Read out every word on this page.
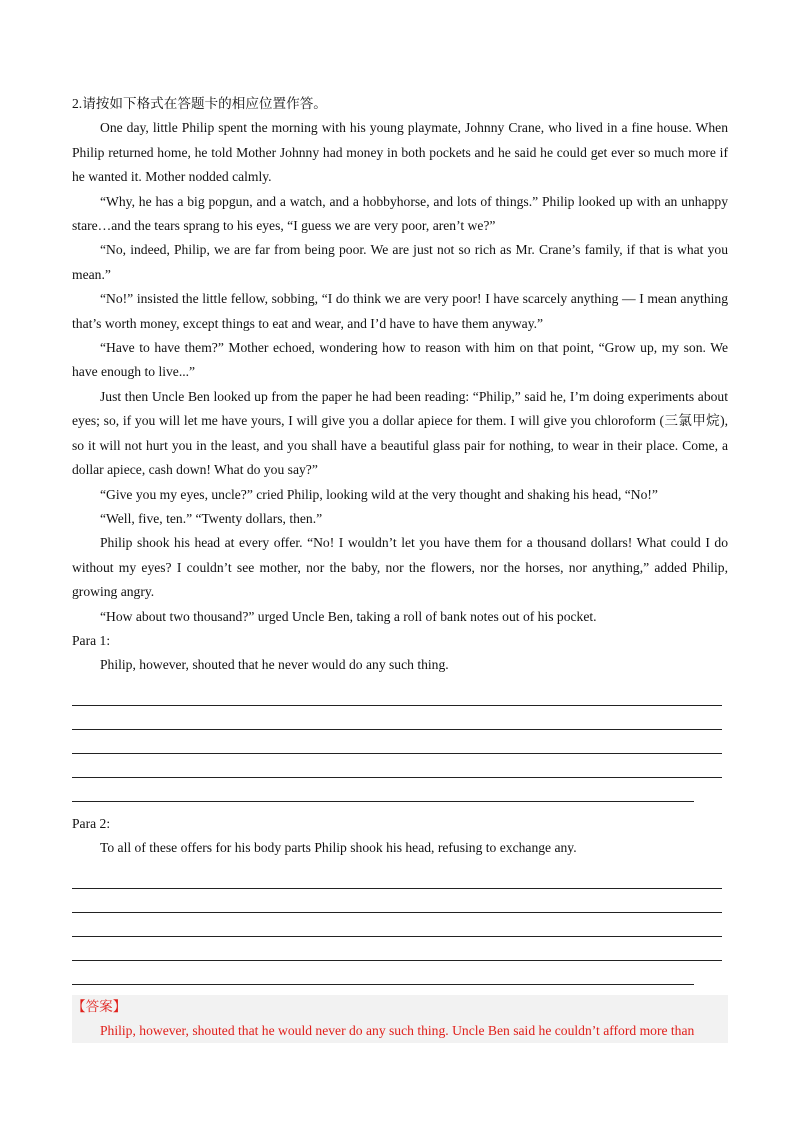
2.请按如下格式在答题卡的相应位置作答。

One day, little Philip spent the morning with his young playmate, Johnny Crane, who lived in a fine house. When Philip returned home, he told Mother Johnny had money in both pockets and he said he could get ever so much more if he wanted it. Mother nodded calmly.

“Why, he has a big popgun, and a watch, and a hobbyhorse, and lots of things.” Philip looked up with an unhappy stare…and the tears sprang to his eyes, “I guess we are very poor, aren’t we?”

“No, indeed, Philip, we are far from being poor. We are just not so rich as Mr. Crane’s family, if that is what you mean.”

“No!” insisted the little fellow, sobbing, “I do think we are very poor! I have scarcely anything — I mean anything that’s worth money, except things to eat and wear, and I’d have to have them anyway.”

“Have to have them?” Mother echoed, wondering how to reason with him on that point, “Grow up, my son. We have enough to live...”

Just then Uncle Ben looked up from the paper he had been reading: “Philip,” said he, I’m doing experiments about eyes; so, if you will let me have yours, I will give you a dollar apiece for them. I will give you chloroform (三氯甲烷), so it will not hurt you in the least, and you shall have a beautiful glass pair for nothing, to wear in their place. Come, a dollar apiece, cash down! What do you say?”

“Give you my eyes, uncle?” cried Philip, looking wild at the very thought and shaking his head, “No!”

“Well, five, ten.” “Twenty dollars, then.”

Philip shook his head at every offer. “No! I wouldn’t let you have them for a thousand dollars! What could I do without my eyes? I couldn’t see mother, nor the baby, nor the flowers, nor the horses, nor anything,” added Philip, growing angry.

“How about two thousand?” urged Uncle Ben, taking a roll of bank notes out of his pocket.

Para 1:

Philip, however, shouted that he never would do any such thing.

Para 2:

To all of these offers for his body parts Philip shook his head, refusing to exchange any.

【答案】
Philip, however, shouted that he would never do any such thing. Uncle Ben said he couldn’t afford more than
